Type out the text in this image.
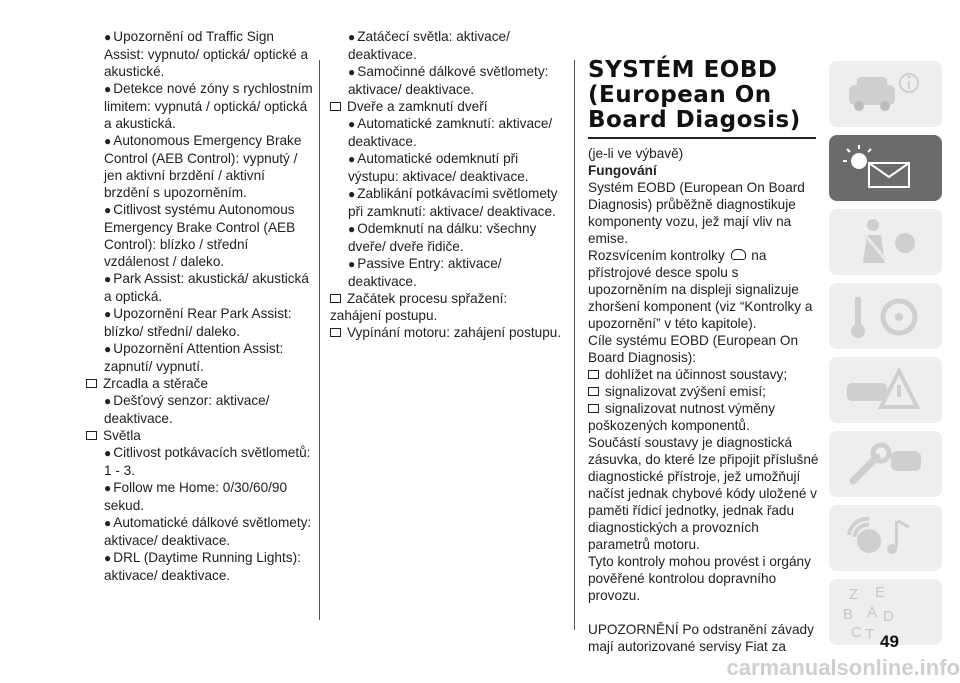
● Upozornění od Traffic Sign Assist: vypnuto/ optická/ optické a akustické.

● Detekce nové zóny s rychlostním limitem: vypnutá / optická/ optická a akustická.

● Autonomous Emergency Brake Control (AEB Control): vypnutý / jen aktivní brzdění / aktivní brzdění s upozorněním.

● Citlivost systému Autonomous Emergency Brake Control (AEB Control): blízko / střední vzdálenost / daleko.

● Park Assist: akustická/ akustická a optická.

● Upozornění Rear Park Assist: blízko/ střední/ daleko.

● Upozornění Attention Assist: zapnutí/ vypnutí.

Zrcadla a stěrače

● Dešťový senzor: aktivace/ deaktivace.

Světla

● Citlivost potkávacích světlometů: 1 - 3.

● Follow me Home: 0/30/60/90 sekud.

● Automatické dálkové světlomety: aktivace/ deaktivace.

● DRL (Daytime Running Lights): aktivace/ deaktivace.

● Zatáčecí světla: aktivace/ deaktivace.

● Samočinné dálkové světlomety: aktivace/ deaktivace.

Dveře a zamknutí dveří

● Automatické zamknutí: aktivace/ deaktivace.

● Automatické odemknutí při výstupu: aktivace/ deaktivace.

● Zablikání potkávacími světlomety při zamknutí: aktivace/ deaktivace.

● Odemknutí na dálku: všechny dveře/ dveře řidiče.

● Passive Entry: aktivace/ deaktivace.

Začátek procesu spřažení: zahájení postupu.

Vypínání motoru: zahájení postupu.

SYSTÉM EOBD

(European On

Board Diagosis)

(je-li ve výbavě)

Fungování

Systém EOBD (European On Board Diagnosis) průběžně diagnostikuje komponenty vozu, jež mají vliv na emise.

Rozsvícením kontrolky na přístrojové desce spolu s upozorněním na displeji signalizuje zhoršení komponent (viz “Kontrolky a upozornění” v této kapitole).

Cíle systému EOBD (European On Board Diagnosis):

dohlížet na účinnost soustavy;

signalizovat zvýšení emisí;

signalizovat nutnost výměny poškozených komponentů.

Součástí soustavy je diagnostická zásuvka, do které lze připojit příslušné diagnostické přístroje, jež umožňují načíst jednak chybové kódy uložené v paměti řídicí jednotky, jednak řadu diagnostických a provozních parametrů motoru.

Tyto kontroly mohou provést i orgány pověřené kontrolou dopravního provozu.

UPOZORNĚNÍ Po odstranění závady mají autorizované servisy Fiat za

Z E
B A
C T
D
49
carmanualsonline.info
